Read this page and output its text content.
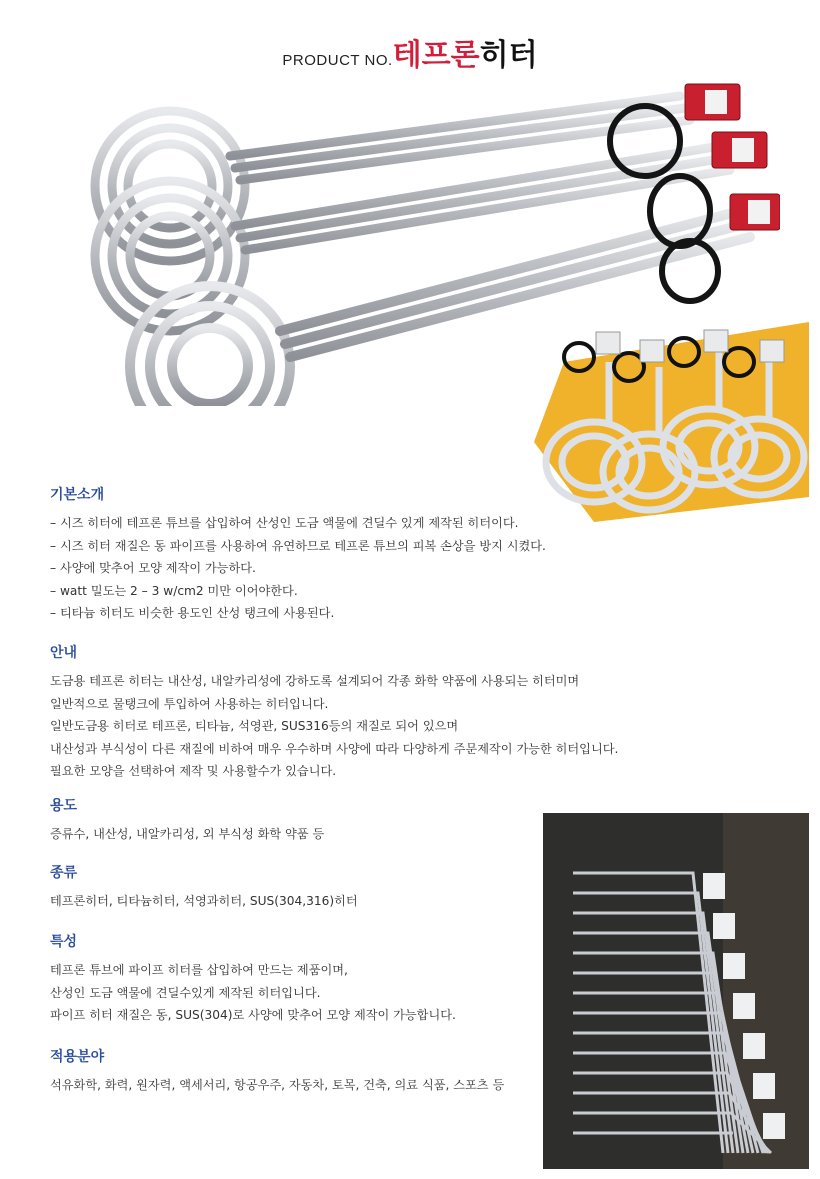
PRODUCT NO.테프론히터
기본소개

– 시즈 히터에 테프론 튜브를 삽입하여 산성인 도금 액물에 견딜수 있게 제작된 히터이다.

– 시즈 히터 재질은 동 파이프를 사용하여 유연하므로 테프론 튜브의 피복 손상을 방지 시켰다.

– 사양에 맞추어 모양 제작이 가능하다.

– watt 밀도는 2 – 3 w/cm2 미만 이어야한다.

– 티타늄 히터도 비슷한 용도인 산성 탱크에 사용된다.

안내

도금용 테프론 히터는 내산성, 내알카리성에 강하도록 설계되어 각종 화학 약품에 사용되는 히터미며

일반적으로 물탱크에 투입하여 사용하는 히터입니다.

일반도금용 히터로 테프론, 티타늄, 석영관, SUS316등의 재질로 되어 있으며

내산성과 부식성이 다른 재질에 비하여 매우 우수하며 사양에 따라 다양하게 주문제작이 가능한 히터입니다.

필요한 모양을 선택하여 제작 및 사용할수가 있습니다.

용도

증류수, 내산성, 내알카리성, 외 부식성 화학 약품 등

종류

테프론히터, 티타늄히터, 석영과히터, SUS(304,316)히터

특성

테프론 튜브에 파이프 히터를 삽입하여 만드는 제품이며,

산성인 도금 액물에 견딜수있게 제작된 히터입니다.

파이프 히터 재질은 동, SUS(304)로 사양에 맞추어 모양 제작이 가능합니다.

적용분야

석유화학, 화력, 원자력, 액세서리, 항공우주, 자동차, 토목, 건축, 의료 식품, 스포츠 등
